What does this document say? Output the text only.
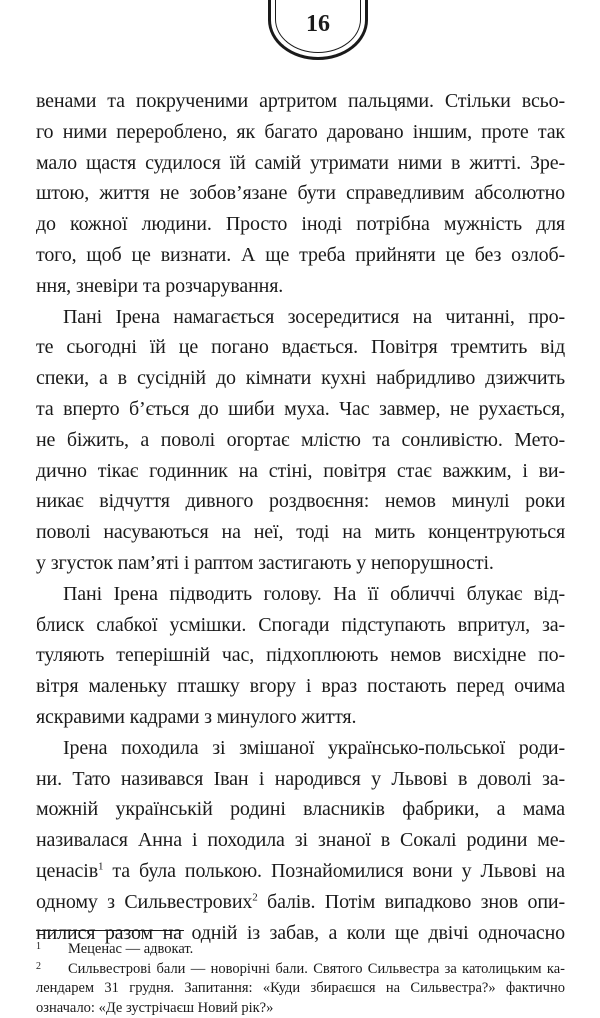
16

венами та покрученими артритом пальцями. Стільки всьо-
го ними перероблено, як багато даровано іншим, проте так
мало щастя судилося їй самій утримати ними в житті. Зре-
штою, життя не зобов’язане бути справедливим абсолютно
до кожної людини. Просто іноді потрібна мужність для
того, щоб це визнати. А ще треба прийняти це без озлоб-
ння, зневіри та розчарування.

Пані Ірена намагається зосередитися на читанні, про-
те сьогодні їй це погано вдається. Повітря тремтить від
спеки, а в сусідній до кімнати кухні набридливо дзижчить
та вперто б’ється до шиби муха. Час завмер, не рухається,
не біжить, а поволі огортає млістю та сонливістю. Мето-
дично тікає годинник на стіні, повітря стає важким, і ви-
никає відчуття дивного роздвоєння: немов минулі роки
поволі насуваються на неї, тоді на мить концентруються
у згусток пам’яті і раптом застигають у непорушності.

Пані Ірена підводить голову. На її обличчі блукає від-
блиск слабкої усмішки. Спогади підступають впритул, за-
туляють теперішній час, підхоплюють немов висхідне по-
вітря маленьку пташку вгору і враз постають перед очима
яскравими кадрами з минулого життя.

Ірена походила зі змішаної українсько-польської роди-
ни. Тато називався Іван і народився у Львові в доволі за-
можній українській родині власників фабрики, а мама
називалася Анна і походила зі знаної в Сокалі родини ме-
ценасів$^1$ та була полькою. Познайомилися вони у Львові на
одному з Сильвестрових$^2$ балів. Потім випадково знов опи-
нилися разом на одній із забав, а коли ще двічі одночасно

1 Меценас — адвокат.
2 Сильвестрові бали — новорічні бали. Святого Сильвестра за католицьким ка-
лендарем 31 грудня. Запитання: «Куди збираєшся на Сильвестра?» фактично
означало: «Де зустрічаєш Новий рік?»
